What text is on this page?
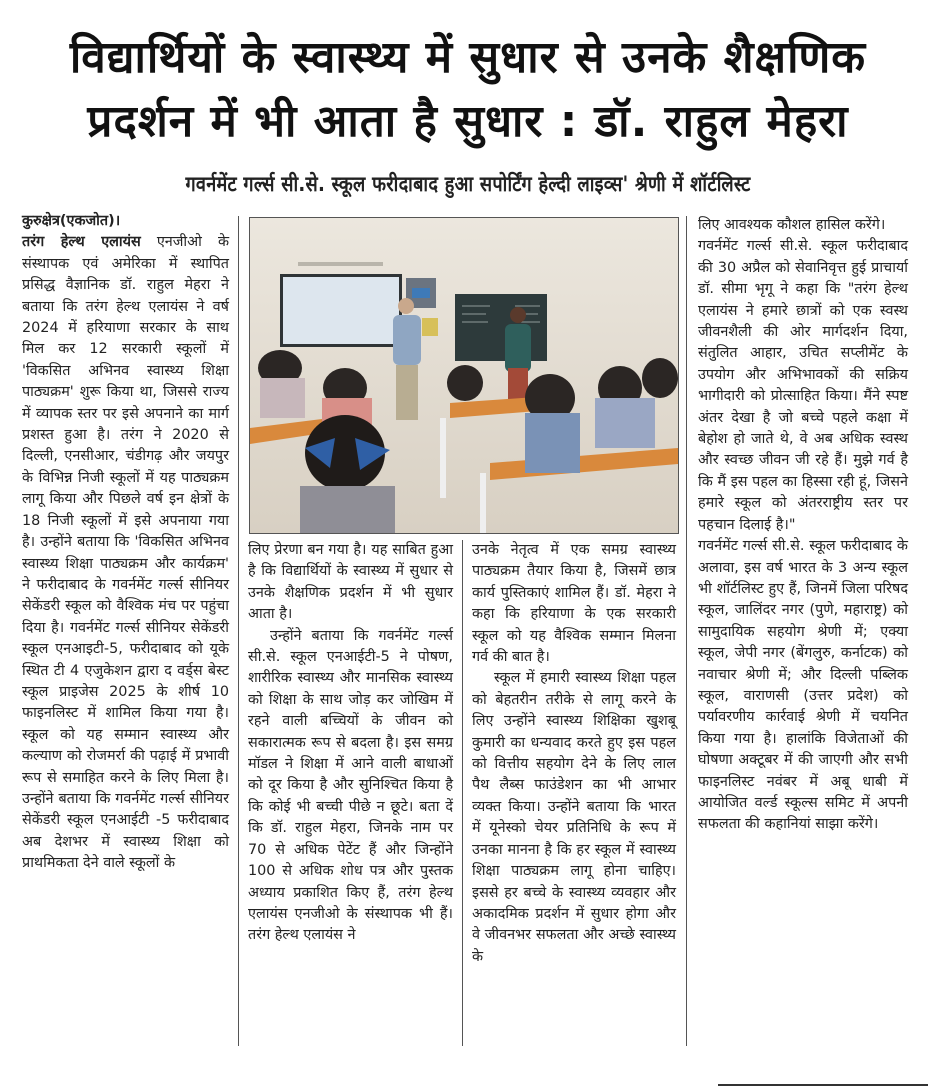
विद्यार्थियों के स्वास्थ्य में सुधार से उनके शैक्षणिक
प्रदर्शन में भी आता है सुधार : डॉ. राहुल मेहरा
गवर्नमेंट गर्ल्स सी.से. स्कूल फरीदाबाद हुआ सपोर्टिंग हेल्दी लाइव्स' श्रेणी में शॉर्टलिस्ट

कुरुक्षेत्र(एकजोत)।

तरंग हेल्थ एलायंस एनजीओ के संस्थापक एवं अमेरिका में स्थापित प्रसिद्ध वैज्ञानिक डॉ. राहुल मेहरा ने बताया कि तरंग हेल्थ एलायंस ने वर्ष 2024 में हरियाणा सरकार के साथ मिल कर 12 सरकारी स्कूलों में 'विकसित अभिनव स्वास्थ्य शिक्षा पाठ्यक्रम' शुरू किया था, जिससे राज्य में व्यापक स्तर पर इसे अपनाने का मार्ग प्रशस्त हुआ है। तरंग ने 2020 से दिल्ली, एनसीआर, चंडीगढ़ और जयपुर के विभिन्न निजी स्कूलों में यह पाठ्यक्रम लागू किया और पिछले वर्ष इन क्षेत्रों के 18 निजी स्कूलों में इसे अपनाया गया है। उन्होंने बताया कि 'विकसित अभिनव स्वास्थ्य शिक्षा पाठ्यक्रम और कार्यक्रम' ने फरीदाबाद के गवर्नमेंट गर्ल्स सीनियर सेकेंडरी स्कूल को वैश्विक मंच पर पहुंचा दिया है। गवर्नमेंट गर्ल्स सीनियर सेकेंडरी स्कूल एनआइटी-5, फरीदाबाद को यूके स्थित टी 4 एजुकेशन द्वारा द वर्ड्स बेस्ट स्कूल प्राइजेस 2025 के शीर्ष 10 फाइनलिस्ट में शामिल किया गया है। स्कूल को यह सम्मान स्वास्थ्य और कल्याण को रोजमर्रा की पढ़ाई में प्रभावी रूप से समाहित करने के लिए मिला है। उन्होंने बताया कि गवर्नमेंट गर्ल्स सीनियर सेकेंडरी स्कूल एनआईटी -5 फरीदाबाद अब देशभर में स्वास्थ्य शिक्षा को प्राथमिकता देने वाले स्कूलों के

लिए प्रेरणा बन गया है। यह साबित हुआ है कि विद्यार्थियों के स्वास्थ्य में सुधार से उनके शैक्षणिक प्रदर्शन में भी सुधार आता है।

उन्होंने बताया कि गवर्नमेंट गर्ल्स सी.से. स्कूल एनआईटी-5 ने पोषण, शारीरिक स्वास्थ्य और मानसिक स्वास्थ्य को शिक्षा के साथ जोड़ कर जोखिम में रहने वाली बच्चियों के जीवन को सकारात्मक रूप से बदला है। इस समग्र मॉडल ने शिक्षा में आने वाली बाधाओं को दूर किया है और सुनिश्चित किया है कि कोई भी बच्ची पीछे न छूटे। बता दें कि डॉ. राहुल मेहरा, जिनके नाम पर 70 से अधिक पेटेंट हैं और जिन्होंने 100 से अधिक शोध पत्र और पुस्तक अध्याय प्रकाशित किए हैं, तरंग हेल्थ एलायंस एनजीओ के संस्थापक भी हैं। तरंग हेल्थ एलायंस ने

उनके नेतृत्व में एक समग्र स्वास्थ्य पाठ्यक्रम तैयार किया है, जिसमें छात्र कार्य पुस्तिकाएं शामिल हैं। डॉ. मेहरा ने कहा कि हरियाणा के एक सरकारी स्कूल को यह वैश्विक सम्मान मिलना गर्व की बात है।

स्कूल में हमारी स्वास्थ्य शिक्षा पहल को बेहतरीन तरीके से लागू करने के लिए उन्होंने स्वास्थ्य शिक्षिका खुशबू कुमारी का धन्यवाद करते हुए इस पहल को वित्तीय सहयोग देने के लिए लाल पैथ लैब्स फाउंडेशन का भी आभार व्यक्त किया। उन्होंने बताया कि भारत में यूनेस्को चेयर प्रतिनिधि के रूप में उनका मानना है कि हर स्कूल में स्वास्थ्य शिक्षा पाठ्यक्रम लागू होना चाहिए। इससे हर बच्चे के स्वास्थ्य व्यवहार और अकादमिक प्रदर्शन में सुधार होगा और वे जीवनभर सफलता और अच्छे स्वास्थ्य के

लिए आवश्यक कौशल हासिल करेंगे।

गवर्नमेंट गर्ल्स सी.से. स्कूल फरीदाबाद की 30 अप्रैल को सेवानिवृत्त हुई प्राचार्या डॉ. सीमा भृगू ने कहा कि "तरंग हेल्थ एलायंस ने हमारे छात्रों को एक स्वस्थ जीवनशैली की ओर मार्गदर्शन दिया, संतुलित आहार, उचित सप्लीमेंट के उपयोग और अभिभावकों की सक्रिय भागीदारी को प्रोत्साहित किया। मैंने स्पष्ट अंतर देखा है जो बच्चे पहले कक्षा में बेहोश हो जाते थे, वे अब अधिक स्वस्थ और स्वच्छ जीवन जी रहे हैं। मुझे गर्व है कि मैं इस पहल का हिस्सा रही हूं, जिसने हमारे स्कूल को अंतरराष्ट्रीय स्तर पर पहचान दिलाई है।"

गवर्नमेंट गर्ल्स सी.से. स्कूल फरीदाबाद के अलावा, इस वर्ष भारत के 3 अन्य स्कूल भी शॉर्टलिस्ट हुए हैं, जिनमें जिला परिषद स्कूल, जालिंदर नगर (पुणे, महाराष्ट्र) को सामुदायिक सहयोग श्रेणी में; एक्या स्कूल, जेपी नगर (बेंगलुरु, कर्नाटक) को नवाचार श्रेणी में; और दिल्ली पब्लिक स्कूल, वाराणसी (उत्तर प्रदेश) को पर्यावरणीय कार्रवाई श्रेणी में चयनित किया गया है। हालांकि विजेताओं की घोषणा अक्टूबर में की जाएगी और सभी फाइनलिस्ट नवंबर में अबू धाबी में आयोजित वर्ल्ड स्कूल्स समिट में अपनी सफलता की कहानियां साझा करेंगे।
